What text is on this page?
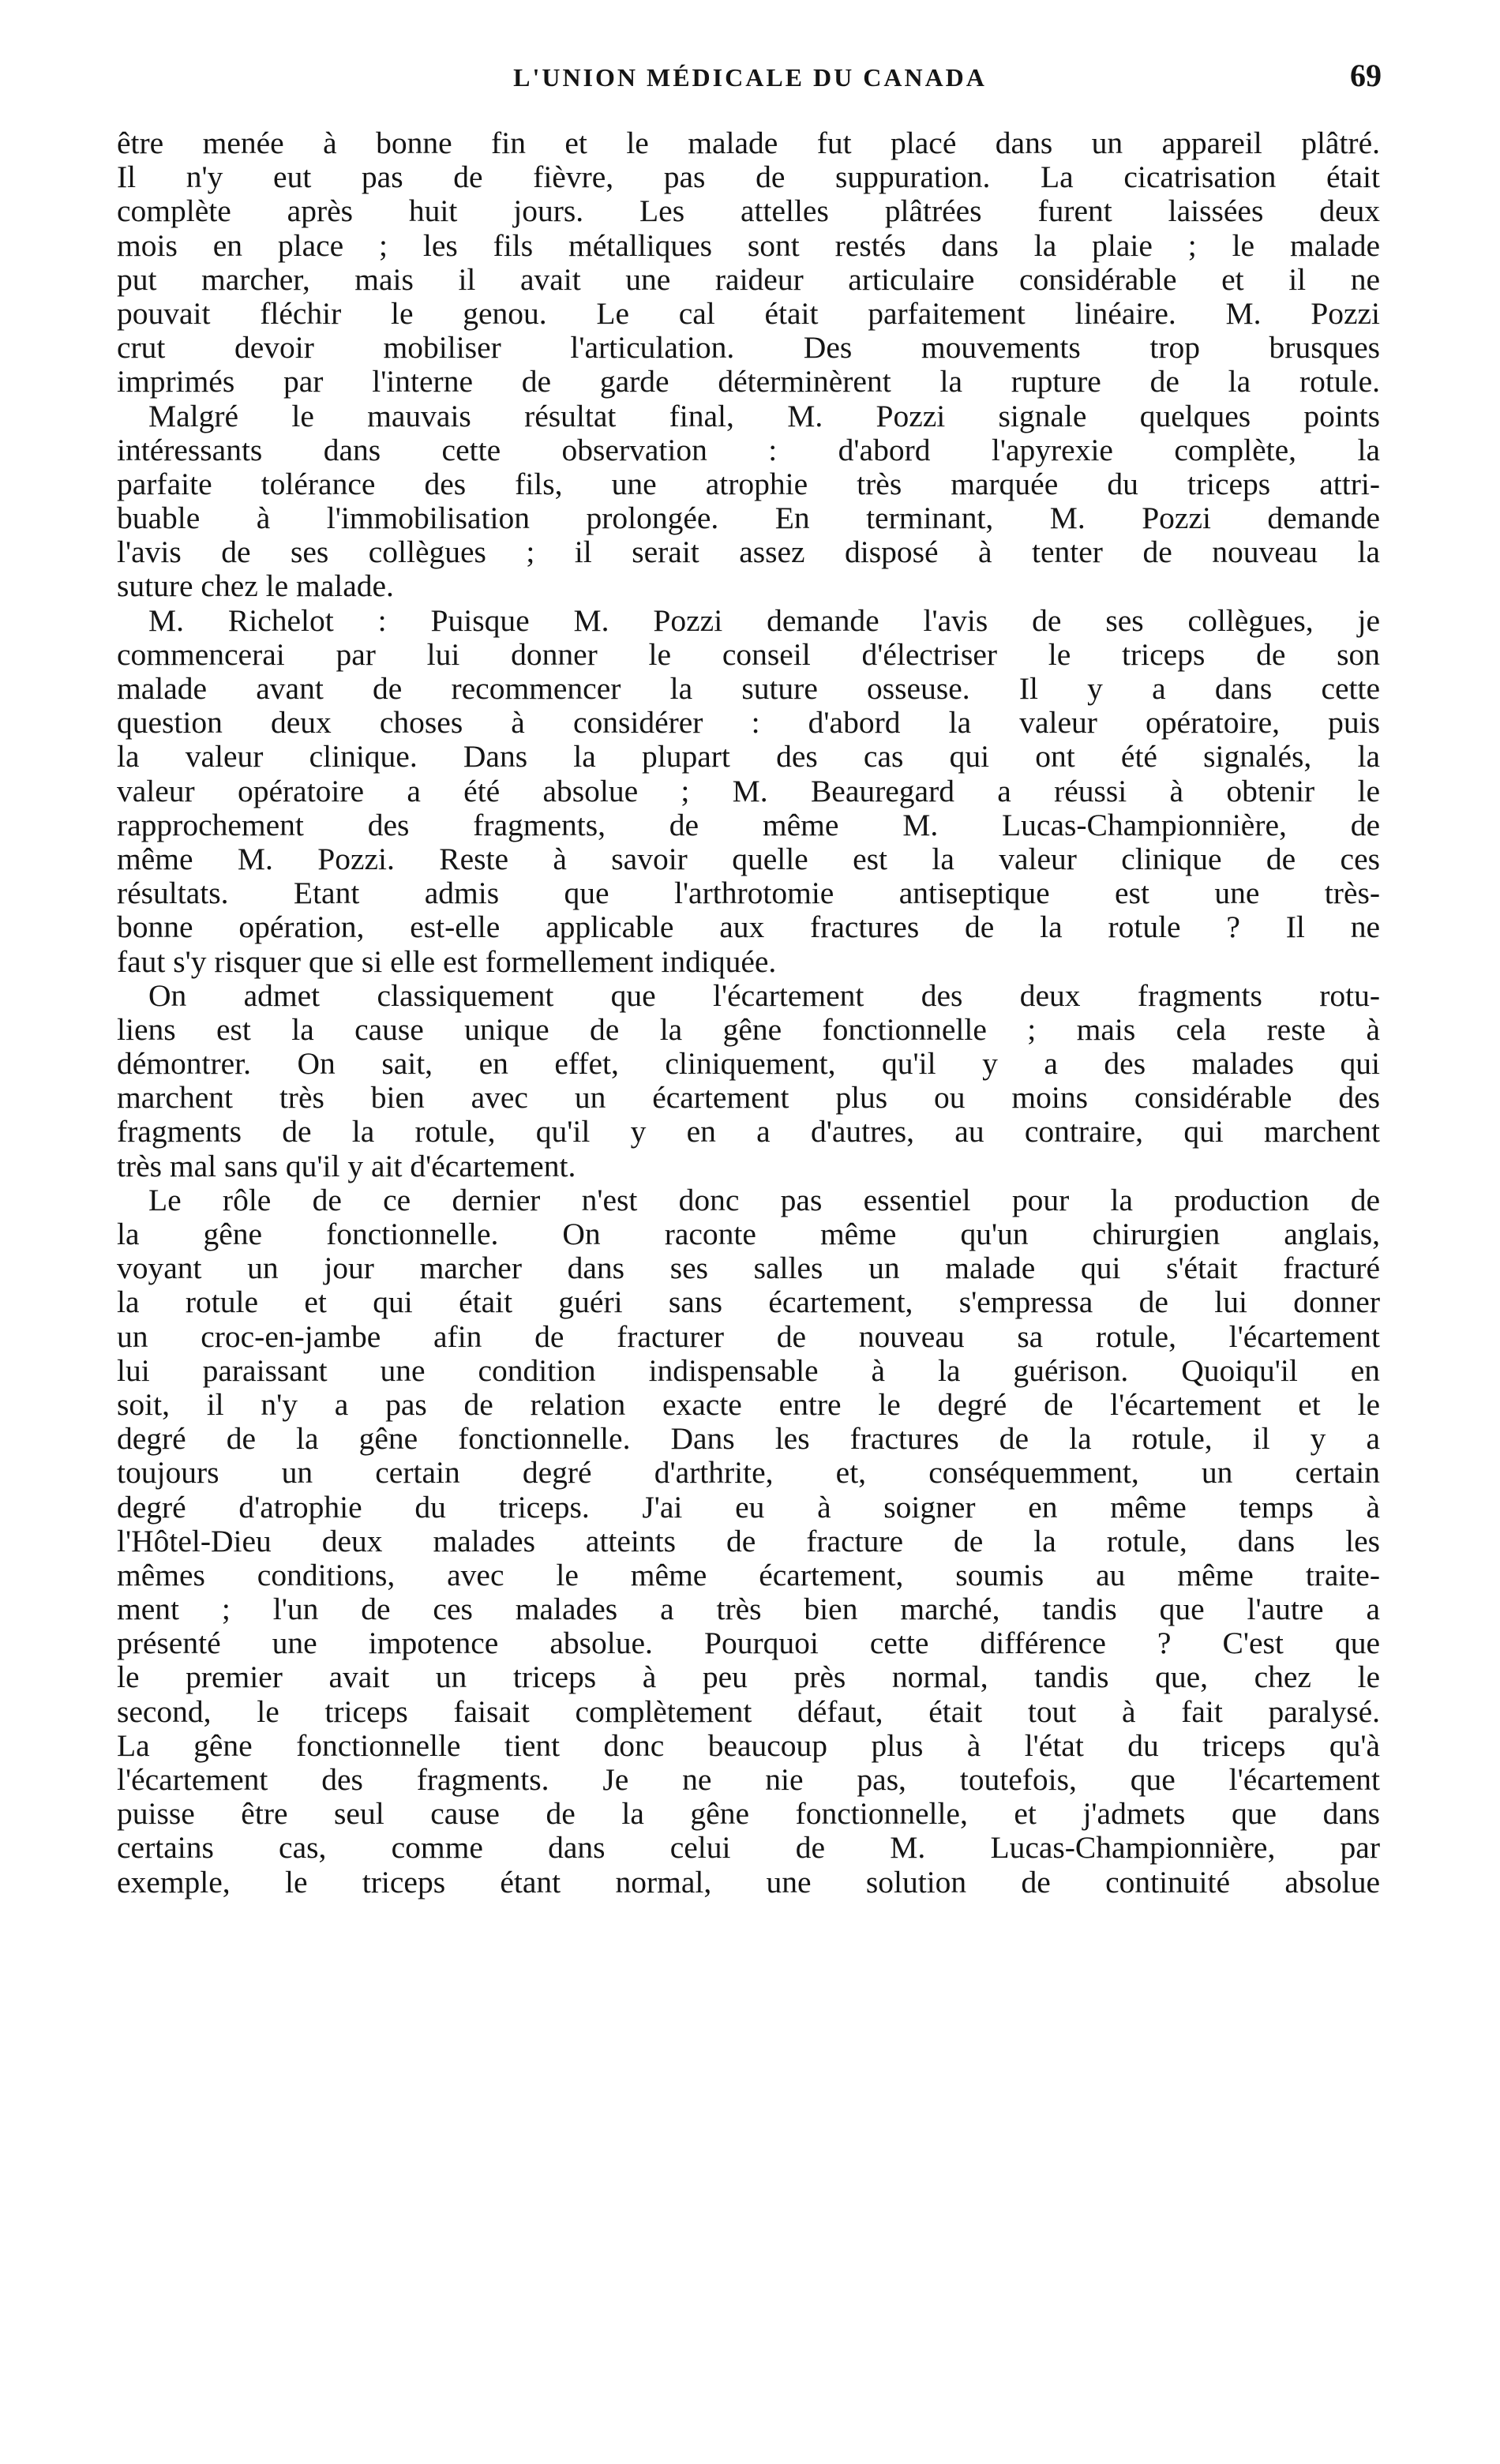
L'UNION MÉDICALE DU CANADA	69
être menée à bonne fin et le malade fut placé dans un appareil plâtré.
Il n'y eut pas de fièvre, pas de suppuration. La cicatrisation était
complète après huit jours. Les attelles plâtrées furent laissées deux
mois en place ; les fils métalliques sont restés dans la plaie ; le malade
put marcher, mais il avait une raideur articulaire considérable et il ne
pouvait fléchir le genou. Le cal était parfaitement linéaire. M. Pozzi
crut devoir mobiliser l'articulation. Des mouvements trop brusques
imprimés par l'interne de garde déterminèrent la rupture de la rotule.
Malgré le mauvais résultat final, M. Pozzi signale quelques points
intéressants dans cette observation : d'abord l'apyrexie complète, la
parfaite tolérance des fils, une atrophie très marquée du triceps attri-
buable à l'immobilisation prolongée. En terminant, M. Pozzi demande
l'avis de ses collègues ; il serait assez disposé à tenter de nouveau la
suture chez le malade.
M. Richelot : Puisque M. Pozzi demande l'avis de ses collègues, je
commencerai par lui donner le conseil d'électriser le triceps de son
malade avant de recommencer la suture osseuse. Il y a dans cette
question deux choses à considérer : d'abord la valeur opératoire, puis
la valeur clinique. Dans la plupart des cas qui ont été signalés, la
valeur opératoire a été absolue ; M. Beauregard a réussi à obtenir le
rapprochement des fragments, de même M. Lucas-Championnière, de
même M. Pozzi. Reste à savoir quelle est la valeur clinique de ces
résultats. Etant admis que l'arthrotomie antiseptique est une très-
bonne opération, est-elle applicable aux fractures de la rotule ? Il ne
faut s'y risquer que si elle est formellement indiquée.
On admet classiquement que l'écartement des deux fragments rotu-
liens est la cause unique de la gêne fonctionnelle ; mais cela reste à
démontrer. On sait, en effet, cliniquement, qu'il y a des malades qui
marchent très bien avec un écartement plus ou moins considérable des
fragments de la rotule, qu'il y en a d'autres, au contraire, qui marchent
très mal sans qu'il y ait d'écartement.
Le rôle de ce dernier n'est donc pas essentiel pour la production de
la gêne fonctionnelle. On raconte même qu'un chirurgien anglais,
voyant un jour marcher dans ses salles un malade qui s'était fracturé
la rotule et qui était guéri sans écartement, s'empressa de lui donner
un croc-en-jambe afin de fracturer de nouveau sa rotule, l'écartement
lui paraissant une condition indispensable à la guérison. Quoiqu'il en
soit, il n'y a pas de relation exacte entre le degré de l'écartement et le
degré de la gêne fonctionnelle. Dans les fractures de la rotule, il y a
toujours un certain degré d'arthrite, et, conséquemment, un certain
degré d'atrophie du triceps. J'ai eu à soigner en même temps à
l'Hôtel-Dieu deux malades atteints de fracture de la rotule, dans les
mêmes conditions, avec le même écartement, soumis au même traite-
ment ; l'un de ces malades a très bien marché, tandis que l'autre a
présenté une impotence absolue. Pourquoi cette différence ? C'est que
le premier avait un triceps à peu près normal, tandis que, chez le
second, le triceps faisait complètement défaut, était tout à fait paralysé.
La gêne fonctionnelle tient donc beaucoup plus à l'état du triceps qu'à
l'écartement des fragments. Je ne nie pas, toutefois, que l'écartement
puisse être seul cause de la gêne fonctionnelle, et j'admets que dans
certains cas, comme dans celui de M. Lucas-Championnière, par
exemple, le triceps étant normal, une solution de continuité absolue
